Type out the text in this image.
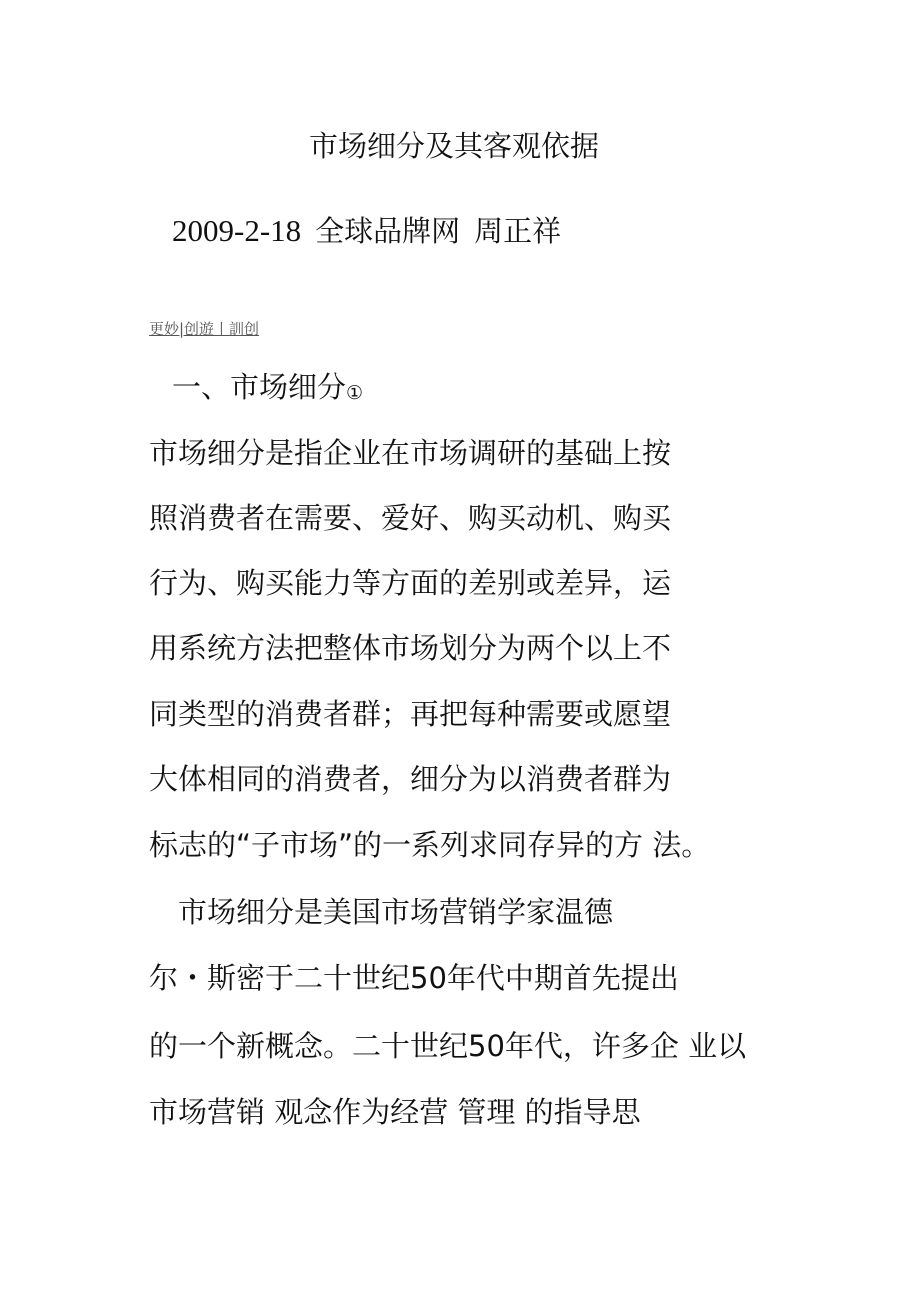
市场细分及其客观依据
2009-2-18 全球品牌网 周正祥
更妙|创遊丨訓创
一、市场细分①
市场细分是指企业在市场调研的基础上按
照消费者在需要、爱好、购买动机、购买
行为、购买能力等方面的差别或差异，运
用系统方法把整体市场划分为两个以上不
同类型的消费者群；再把每种需要或愿望
大体相同的消费者，细分为以消费者群为
标志的“子市场”的一系列求同存异的方 法。
市场细分是美国市场营销学家温德
尔・斯密于二十世纪50年代中期首先提出
的一个新概念。二十世纪50年代，许多企 业以
市场营销 观念作为经营 管理 的指导思
